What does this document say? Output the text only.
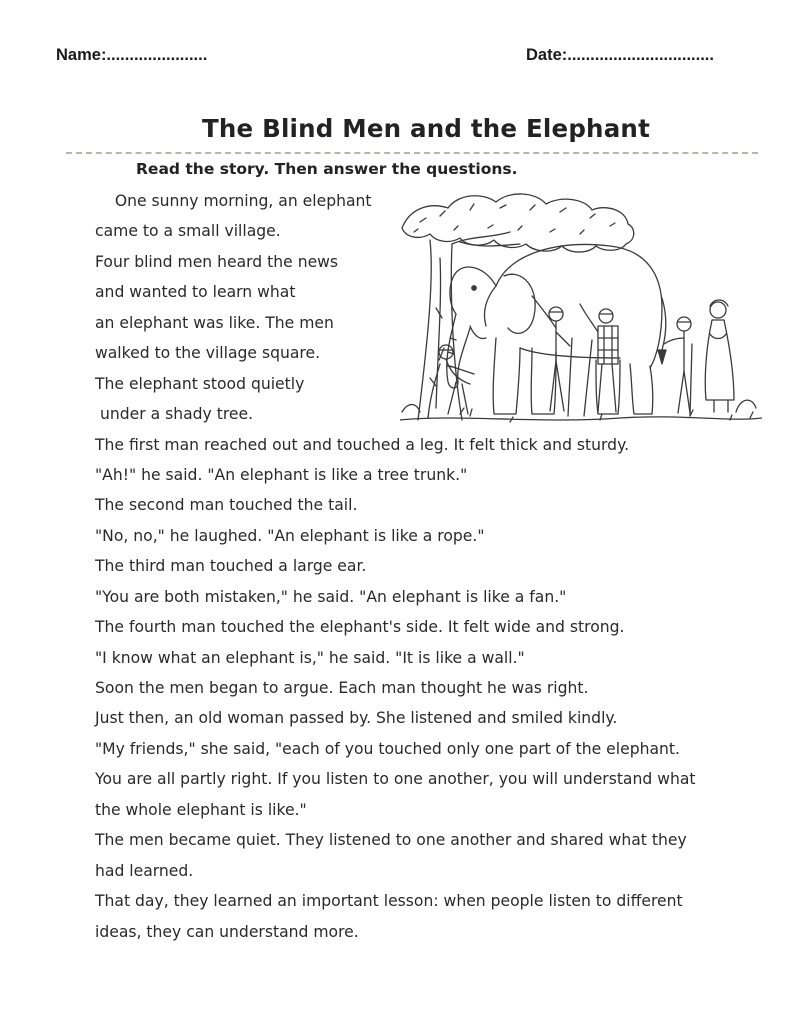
Name:......................	Date:................................
The Blind Men and the Elephant
Read the story. Then answer the questions.
One sunny morning, an elephant
came to a small village.
Four blind men heard the news
and wanted to learn what
an elephant was like. The men
walked to the village square.
The elephant stood quietly
under a shady tree.
The first man reached out and touched a leg. It felt thick and sturdy.
"Ah!" he said. "An elephant is like a tree trunk."
The second man touched the tail.
"No, no," he laughed. "An elephant is like a rope."
The third man touched a large ear.
"You are both mistaken," he said. "An elephant is like a fan."
The fourth man touched the elephant's side. It felt wide and strong.
"I know what an elephant is," he said. "It is like a wall."
Soon the men began to argue. Each man thought he was right.
Just then, an old woman passed by. She listened and smiled kindly.
"My friends," she said, "each of you touched only one part of the elephant.
You are all partly right. If you listen to one another, you will understand what
the whole elephant is like."
The men became quiet. They listened to one another and shared what they
had learned.
That day, they learned an important lesson: when people listen to different
ideas, they can understand more.
